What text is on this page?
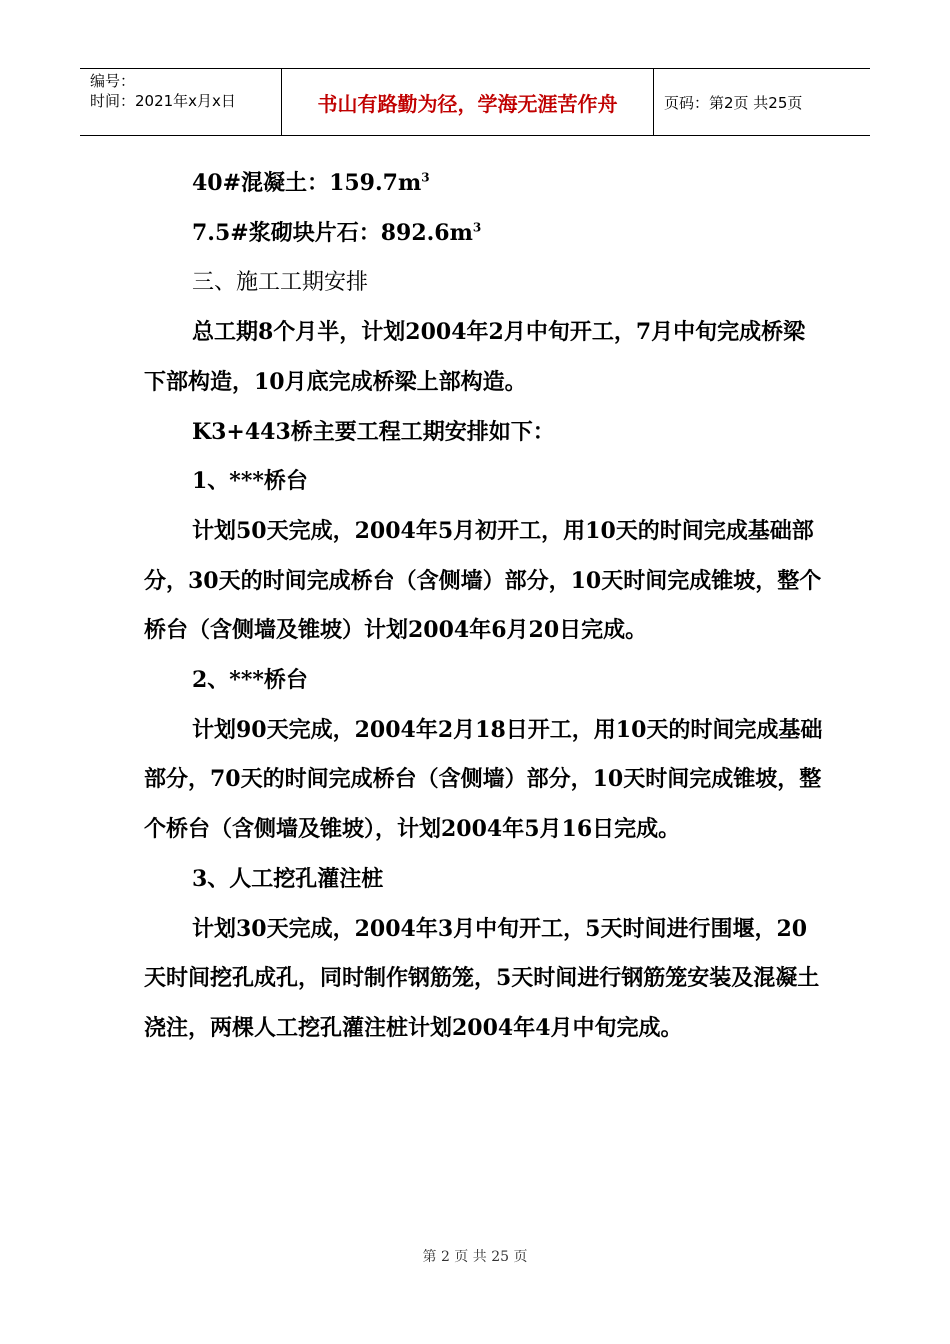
编号：
时间：2021年x月x日	书山有路勤为径，学海无涯苦作舟	页码：第2页 共25页

40#混凝土：$159.7m^3$

7.5#浆砌块片石：$892.6m^3$

三、施工工期安排

总工期8个月半，计划2004年2月中旬开工，7月中旬完成桥梁下部构造，10月底完成桥梁上部构造。

K3+443桥主要工程工期安排如下：

1、***桥台

计划50天完成，2004年5月初开工，用10天的时间完成基础部分，30天的时间完成桥台（含侧墙）部分，10天时间完成锥坡，整个桥台（含侧墙及锥坡）计划2004年6月20日完成。

2、***桥台

计划90天完成，2004年2月18日开工，用10天的时间完成基础部分，70天的时间完成桥台（含侧墙）部分，10天时间完成锥坡，整个桥台（含侧墙及锥坡），计划2004年5月16日完成。

3、人工挖孔灌注桩

计划30天完成，2004年3月中旬开工，5天时间进行围堰，20天时间挖孔成孔，同时制作钢筋笼，5天时间进行钢筋笼安装及混凝土浇注，两棵人工挖孔灌注桩计划2004年4月中旬完成。

第 2 页 共 25 页
